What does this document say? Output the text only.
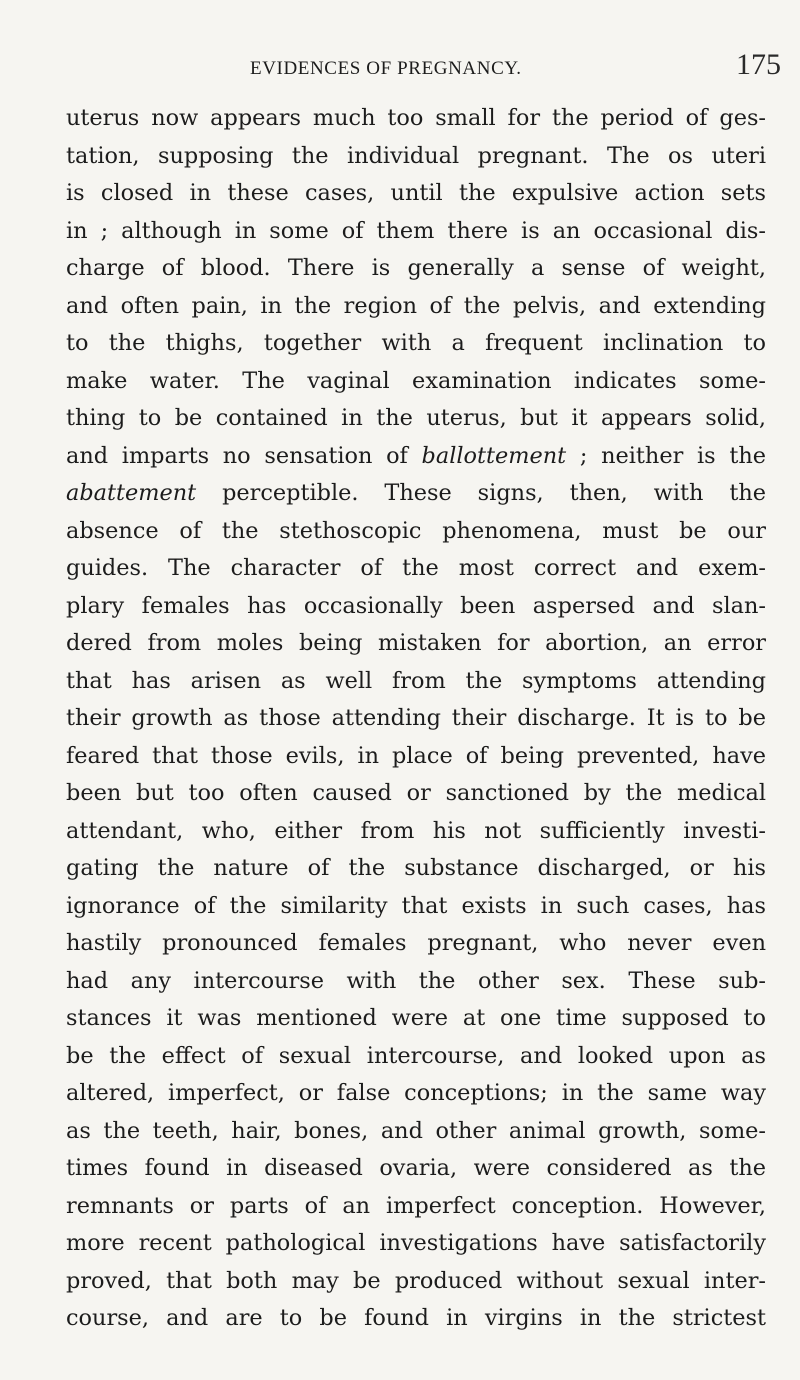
EVIDENCES OF PREGNANCY.	175
uterus now appears much too small for the period of ges-
tation, supposing the individual pregnant. The os uteri
is closed in these cases, until the expulsive action sets
in ; although in some of them there is an occasional dis-
charge of blood. There is generally a sense of weight,
and often pain, in the region of the pelvis, and extending
to the thighs, together with a frequent inclination to
make water. The vaginal examination indicates some-
thing to be contained in the uterus, but it appears solid,
and imparts no sensation of ballottement ; neither is the
abattement perceptible. These signs, then, with the
absence of the stethoscopic phenomena, must be our
guides. The character of the most correct and exem-
plary females has occasionally been aspersed and slan-
dered from moles being mistaken for abortion, an error
that has arisen as well from the symptoms attending
their growth as those attending their discharge. It is to be
feared that those evils, in place of being prevented, have
been but too often caused or sanctioned by the medical
attendant, who, either from his not sufficiently investi-
gating the nature of the substance discharged, or his
ignorance of the similarity that exists in such cases, has
hastily pronounced females pregnant, who never even
had any intercourse with the other sex. These sub-
stances it was mentioned were at one time supposed to
be the effect of sexual intercourse, and looked upon as
altered, imperfect, or false conceptions; in the same way
as the teeth, hair, bones, and other animal growth, some-
times found in diseased ovaria, were considered as the
remnants or parts of an imperfect conception. However,
more recent pathological investigations have satisfactorily
proved, that both may be produced without sexual inter-
course, and are to be found in virgins in the strictest
